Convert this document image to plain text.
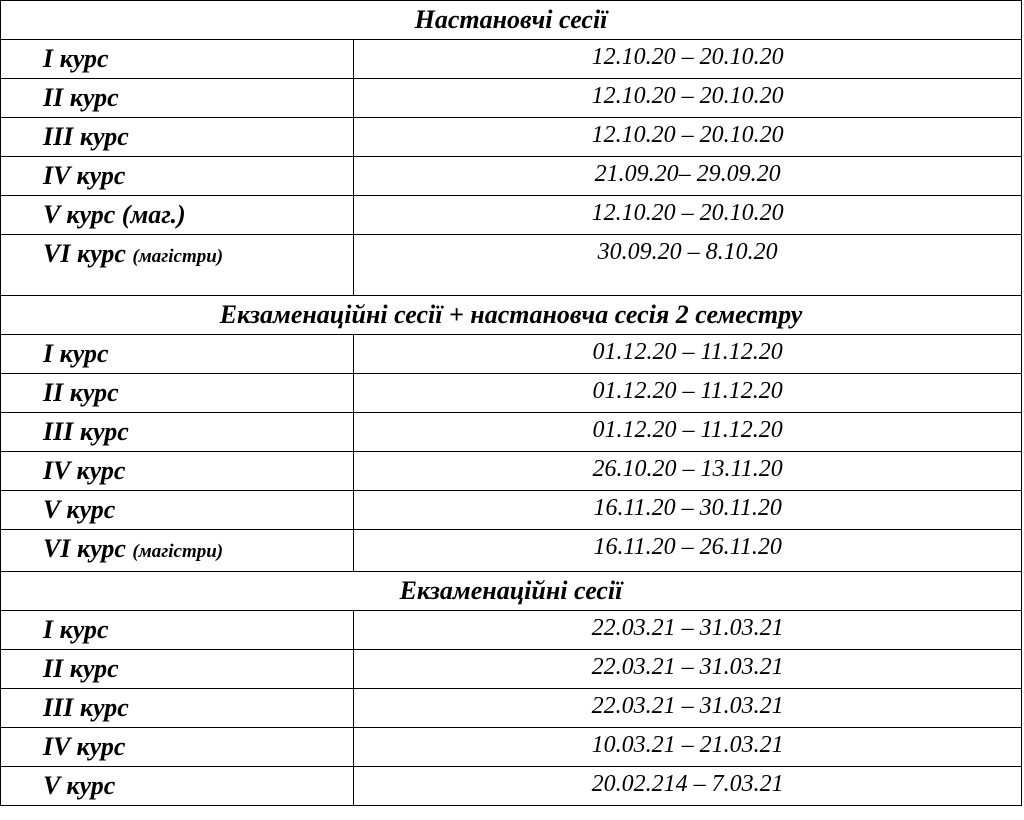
Настановчі сесії	
І курс	12.10.20 – 20.10.20
ІІ курс	12.10.20 – 20.10.20
ІІІ курс	12.10.20 – 20.10.20
IV курс	21.09.20– 29.09.20
V курс (маг.)	12.10.20 – 20.10.20
VI курс (магістри)	30.09.20 – 8.10.20
Екзаменаційні сесії + настановча сесія 2 семестру	
І курс	01.12.20 – 11.12.20
ІІ курс	01.12.20 – 11.12.20
ІІІ курс	01.12.20 – 11.12.20
IV курс	26.10.20 – 13.11.20
V курс	16.11.20 – 30.11.20
VI курс (магістри)	16.11.20 – 26.11.20
Екзаменаційні сесії	
І курс	22.03.21 – 31.03.21
ІІ курс	22.03.21 – 31.03.21
ІІІ курс	22.03.21 – 31.03.21
IV курс	10.03.21 – 21.03.21
V курс	20.02.214 – 7.03.21
